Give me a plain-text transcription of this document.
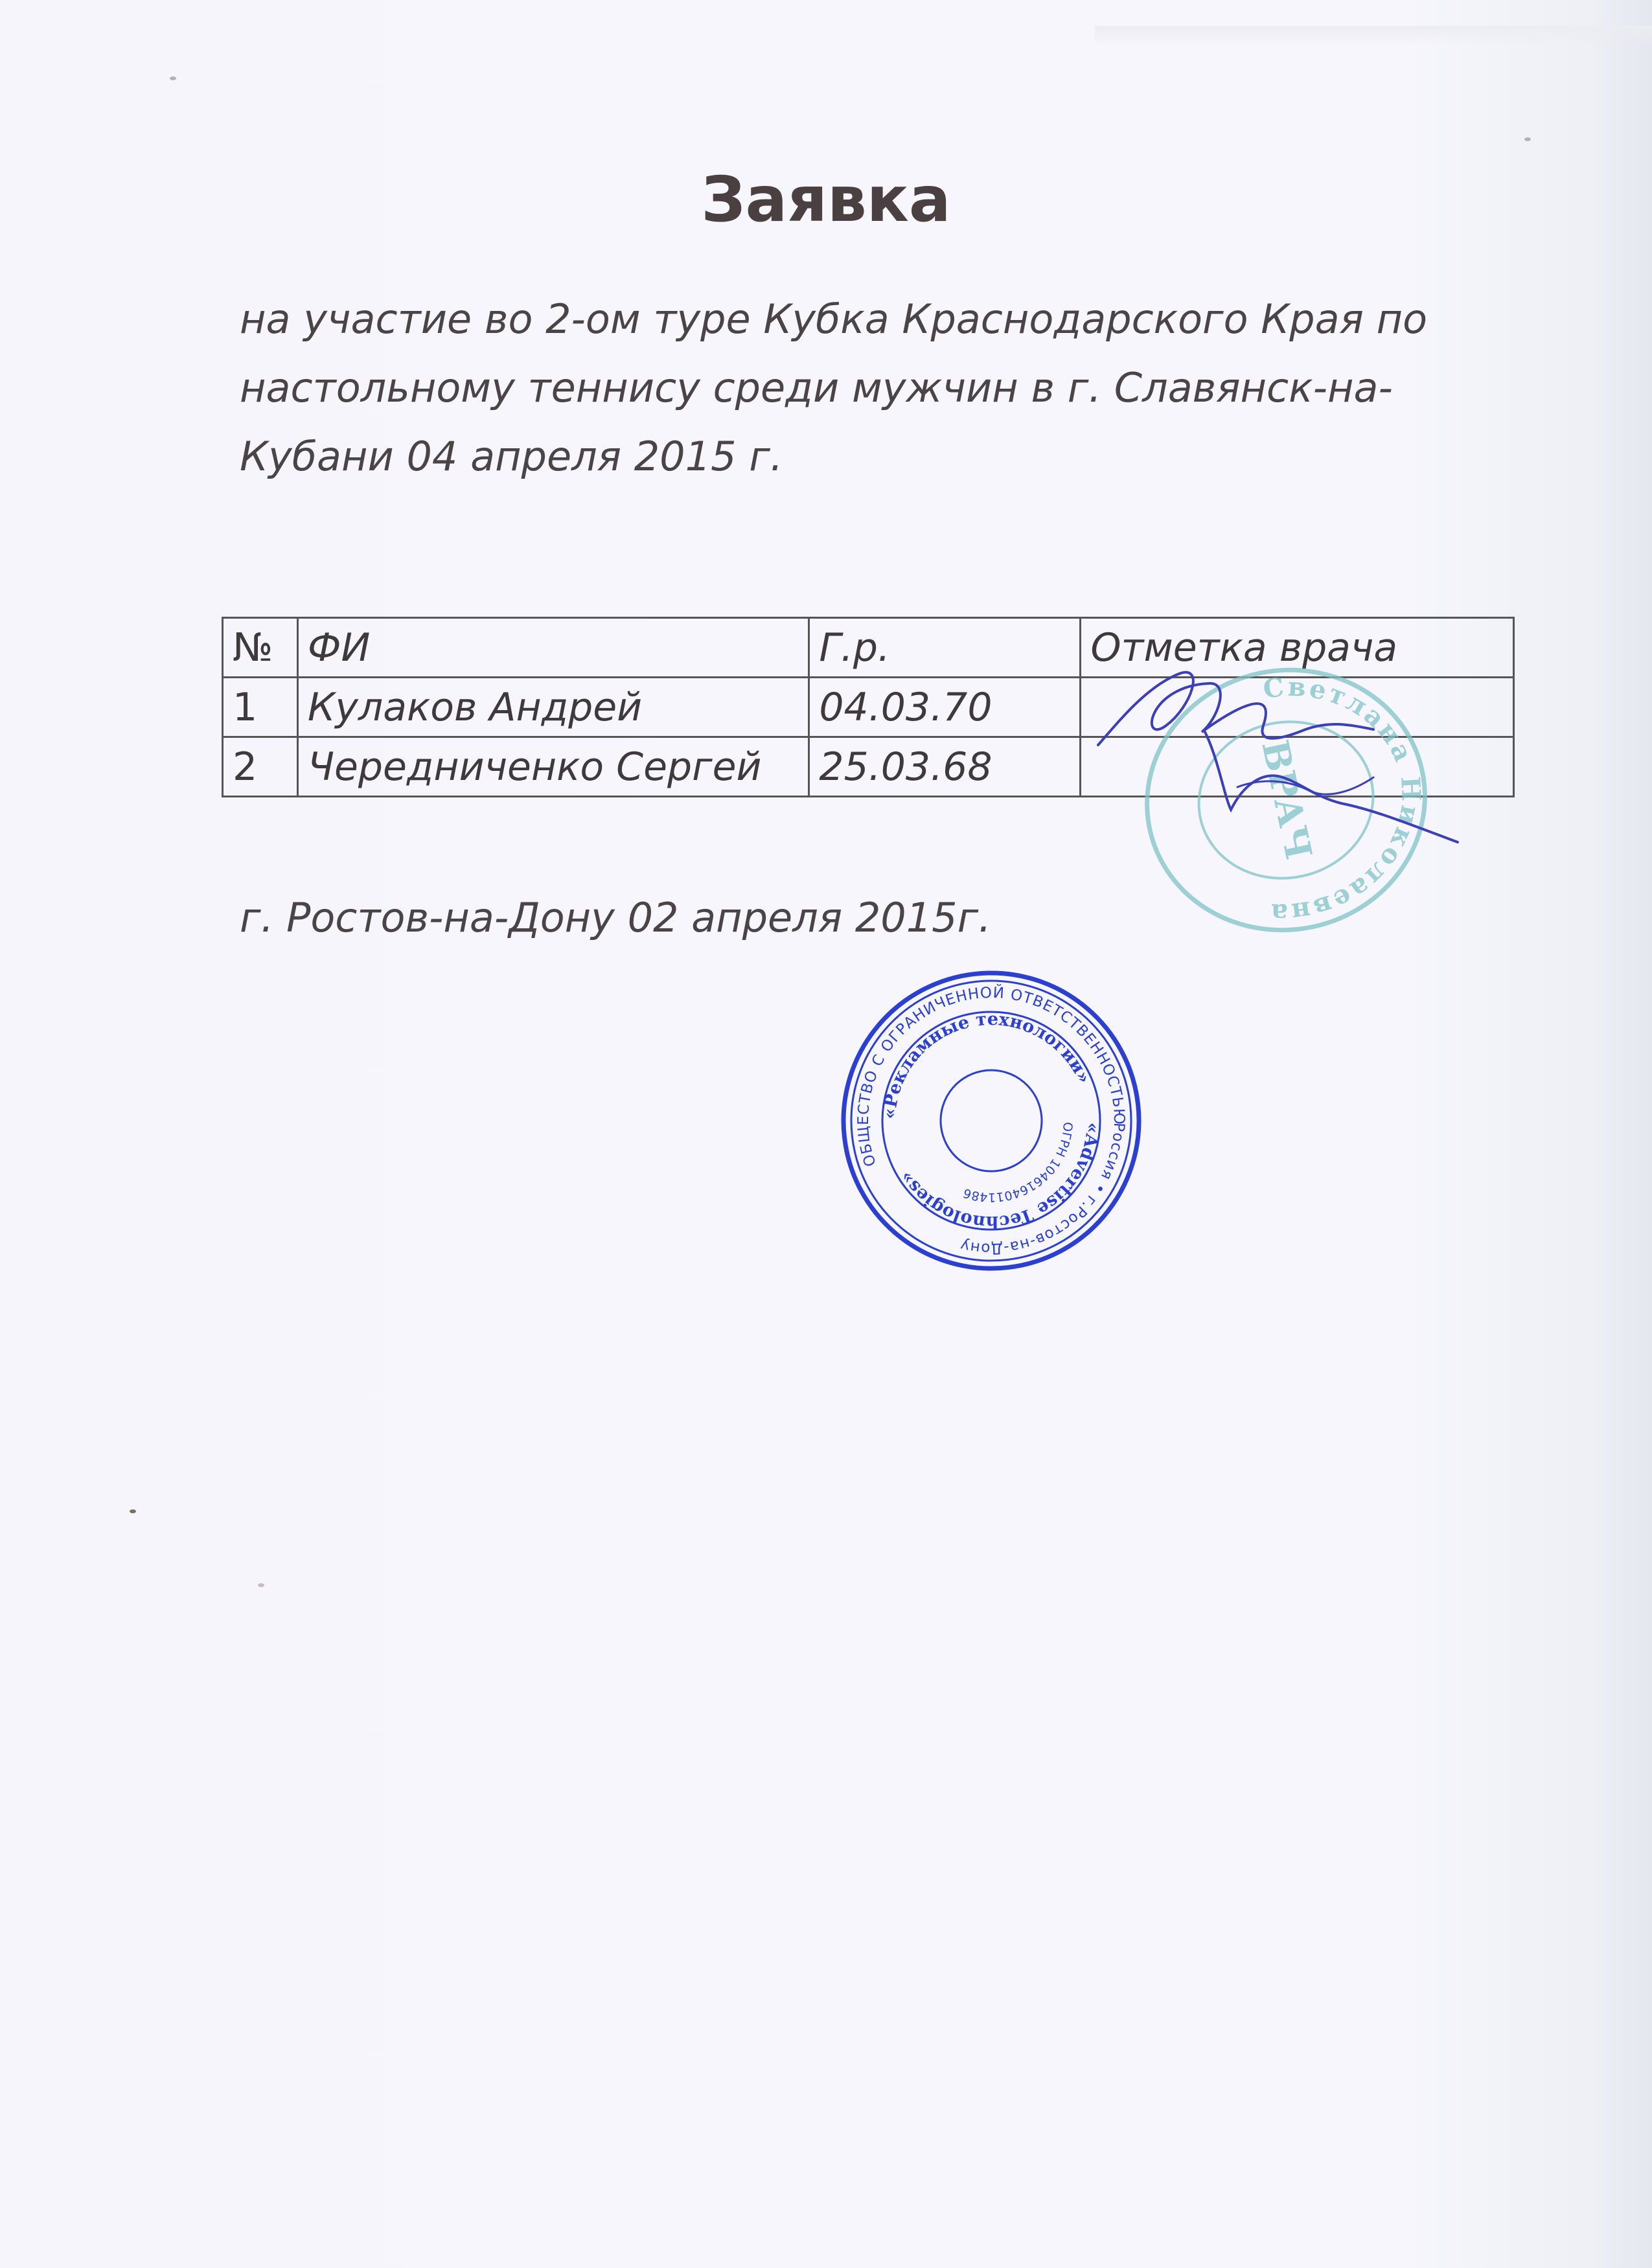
Заявка
на участие во 2-ом туре Кубка Краснодарского Края по
настольному теннису среди мужчин в г. Славянск-на-
Кубани 04 апреля 2015 г.
№	ФИ	Г.р.	Отметка врача
1	Кулаков Андрей	04.03.70	
2	Чередниченко Сергей	25.03.68	

г. Ростов-на-Дону 02 апреля 2015г.

Светлана Николаевна
ВРАЧ
ОБЩЕСТВО С ОГРАНИЧЕННОЙ ОТВЕТСТВЕННОСТЬЮ
Россия • г.Ростов-на-Дону
«Рекламные технологии»
«Advertise Technologies»
ОГРН 1046164011486
